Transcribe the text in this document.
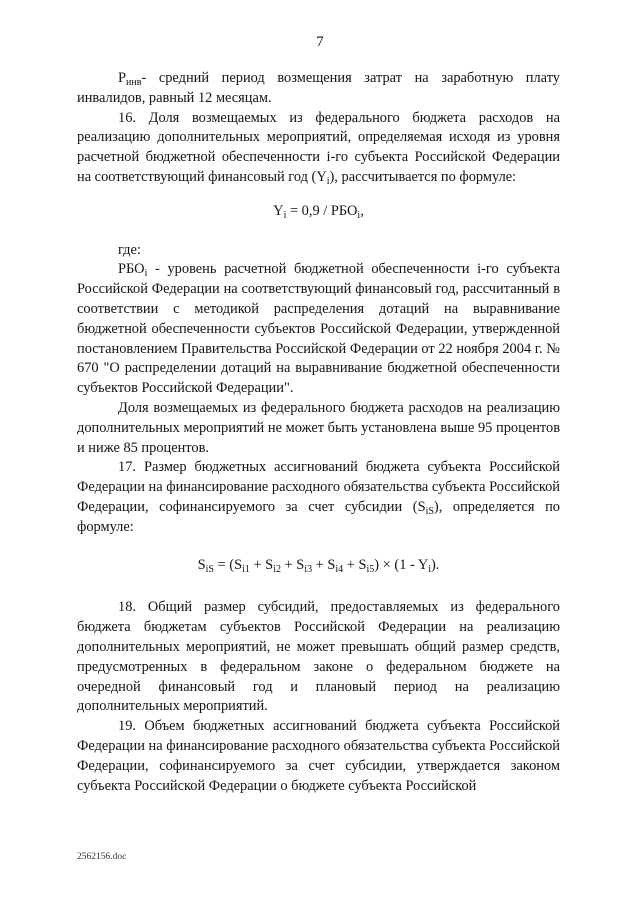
7

$P_{инв}-$ средний период возмещения затрат на заработную плату инвалидов, равный 12 месяцам.

16. Доля возмещаемых из федерального бюджета расходов на реализацию дополнительных мероприятий, определяемая исходя из уровня расчетной бюджетной обеспеченности i-го субъекта Российской Федерации на соответствующий финансовый год $(Y_i)$, рассчитывается по формуле:

$Y_i = 0,9 / РБО_i$,

где:

$РБО_i$ - уровень расчетной бюджетной обеспеченности i-го субъекта Российской Федерации на соответствующий финансовый год, рассчитанный в соответствии с методикой распределения дотаций на выравнивание бюджетной обеспеченности субъектов Российской Федерации, утвержденной постановлением Правительства Российской Федерации от 22 ноября 2004 г. № 670 "О распределении дотаций на выравнивание бюджетной обеспеченности субъектов Российской Федерации".

Доля возмещаемых из федерального бюджета расходов на реализацию дополнительных мероприятий не может быть установлена выше 95 процентов и ниже 85 процентов.

17. Размер бюджетных ассигнований бюджета субъекта Российской Федерации на финансирование расходного обязательства субъекта Российской Федерации, софинансируемого за счет субсидии $(S_{iS})$, определяется по формуле:

$S_{iS} = (S_{i1} + S_{i2} + S_{i3} + S_{i4} + S_{i5}) \times (1 - Y_i)$.

18. Общий размер субсидий, предоставляемых из федерального бюджета бюджетам субъектов Российской Федерации на реализацию дополнительных мероприятий, не может превышать общий размер средств, предусмотренных в федеральном законе о федеральном бюджете на очередной финансовый год и плановый период на реализацию дополнительных мероприятий.

19. Объем бюджетных ассигнований бюджета субъекта Российской Федерации на финансирование расходного обязательства субъекта Российской Федерации, софинансируемого за счет субсидии, утверждается законом субъекта Российской Федерации о бюджете субъекта Российской

2562156.doc
